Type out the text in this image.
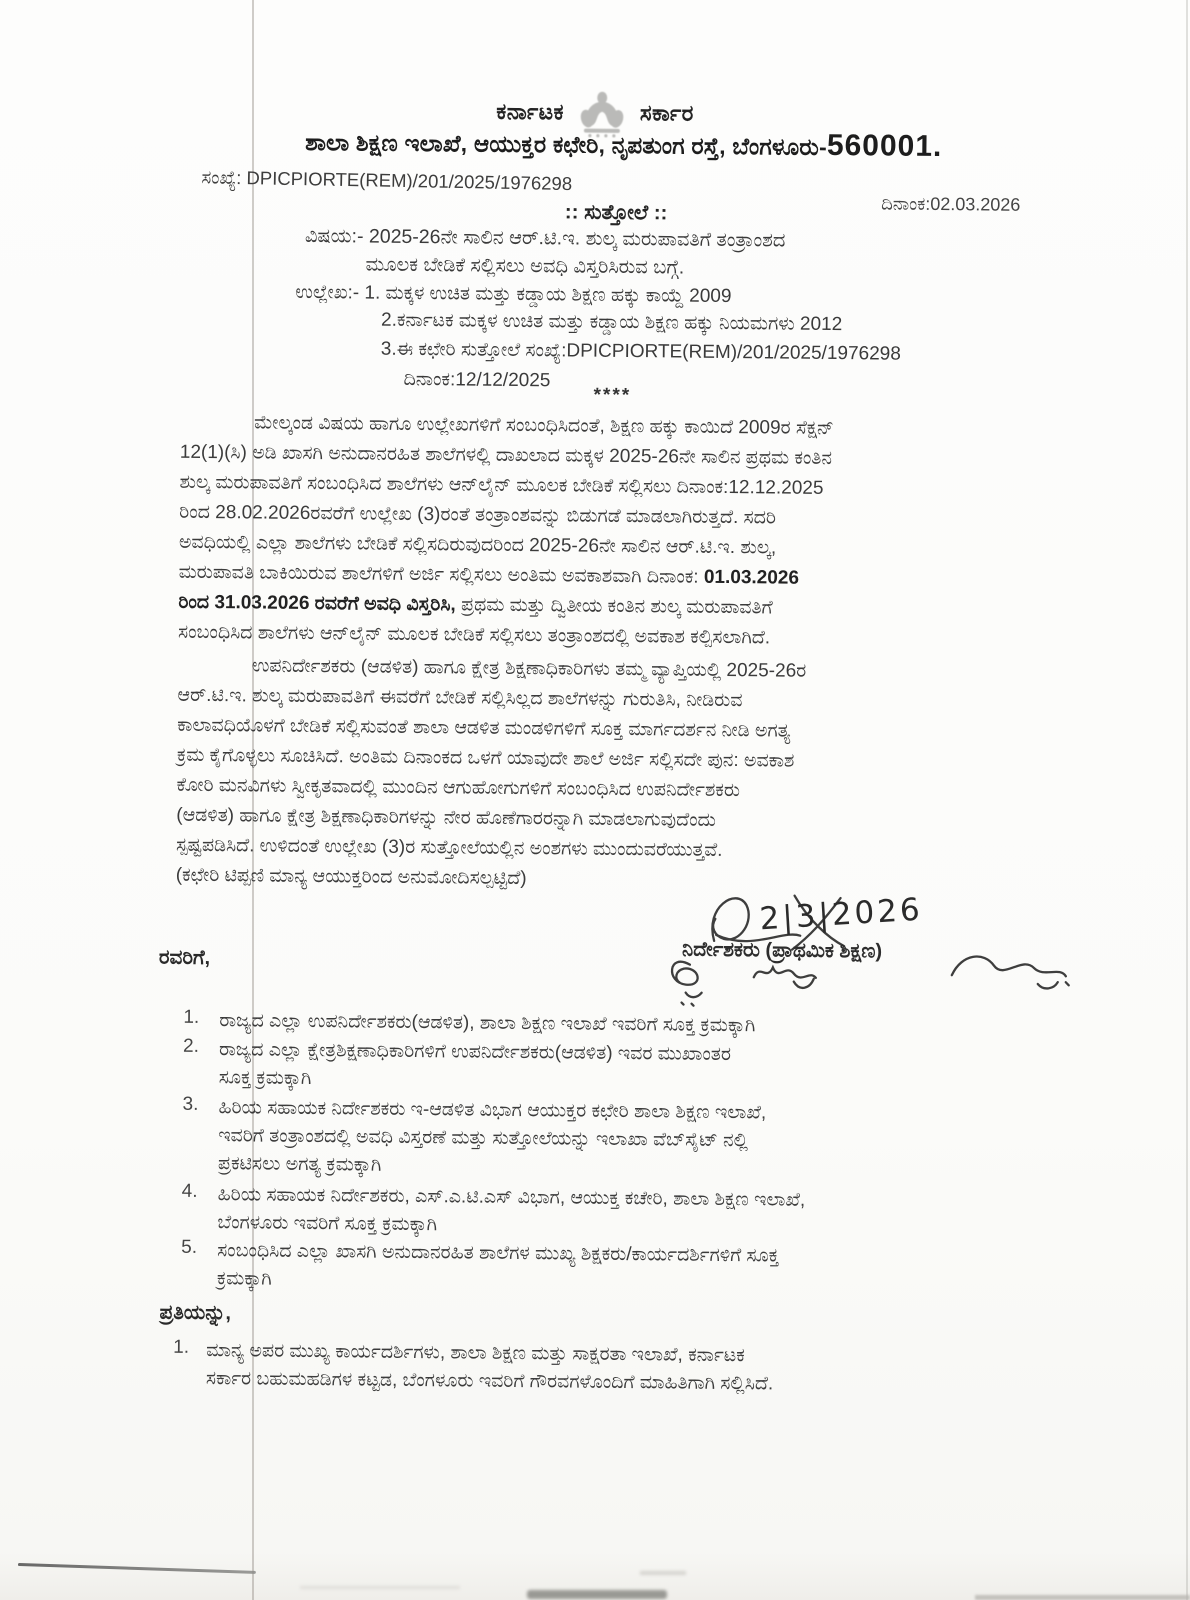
ಕರ್ನಾಟಕ	ಸರ್ಕಾರ
ಶಾಲಾ ಶಿಕ್ಷಣ ಇಲಾಖೆ, ಆಯುಕ್ತರ ಕಛೇರಿ, ನೃಪತುಂಗ ರಸ್ತೆ, ಬೆಂಗಳೂರು-560001.
ಸಂಖ್ಯೆ: DPICPIORTE(REM)/201/2025/1976298
ದಿನಾಂಕ:02.03.2026
:: ಸುತ್ತೋಲೆ ::
ವಿಷಯ:- 2025-26ನೇ ಸಾಲಿನ ಆರ್.ಟಿ.ಇ. ಶುಲ್ಕ ಮರುಪಾವತಿಗೆ ತಂತ್ರಾಂಶದ
ಮೂಲಕ ಬೇಡಿಕೆ ಸಲ್ಲಿಸಲು ಅವಧಿ ವಿಸ್ತರಿಸಿರುವ ಬಗ್ಗೆ.
ಉಲ್ಲೇಖ:- 1. ಮಕ್ಕಳ ಉಚಿತ ಮತ್ತು ಕಡ್ಡಾಯ ಶಿಕ್ಷಣ ಹಕ್ಕು ಕಾಯ್ದೆ 2009
2.ಕರ್ನಾಟಕ ಮಕ್ಕಳ ಉಚಿತ ಮತ್ತು ಕಡ್ಡಾಯ ಶಿಕ್ಷಣ ಹಕ್ಕು ನಿಯಮಗಳು 2012
3.ಈ ಕಛೇರಿ ಸುತ್ತೋಲೆ ಸಂಖ್ಯೆ:DPICPIORTE(REM)/201/2025/1976298
ದಿನಾಂಕ:12/12/2025
****
ಮೇಲ್ಕಂಡ ವಿಷಯ ಹಾಗೂ ಉಲ್ಲೇಖಗಳಿಗೆ ಸಂಬಂಧಿಸಿದಂತೆ, ಶಿಕ್ಷಣ ಹಕ್ಕು ಕಾಯಿದೆ 2009ರ ಸೆಕ್ಷನ್
12(1)(ಸಿ) ಅಡಿ ಖಾಸಗಿ ಅನುದಾನರಹಿತ ಶಾಲೆಗಳಲ್ಲಿ ದಾಖಲಾದ ಮಕ್ಕಳ 2025-26ನೇ ಸಾಲಿನ ಪ್ರಥಮ ಕಂತಿನ
ಶುಲ್ಕ ಮರುಪಾವತಿಗೆ ಸಂಬಂಧಿಸಿದ ಶಾಲೆಗಳು ಆನ್‌ಲೈನ್ ಮೂಲಕ ಬೇಡಿಕೆ ಸಲ್ಲಿಸಲು ದಿನಾಂಕ:12.12.2025
ರಿಂದ 28.02.2026ರವರೆಗೆ ಉಲ್ಲೇಖ (3)ರಂತೆ ತಂತ್ರಾಂಶವನ್ನು ಬಿಡುಗಡೆ ಮಾಡಲಾಗಿರುತ್ತದೆ. ಸದರಿ
ಅವಧಿಯಲ್ಲಿ ಎಲ್ಲಾ ಶಾಲೆಗಳು ಬೇಡಿಕೆ ಸಲ್ಲಿಸದಿರುವುದರಿಂದ 2025-26ನೇ ಸಾಲಿನ ಆರ್.ಟಿ.ಇ. ಶುಲ್ಕ,
ಮರುಪಾವತಿ ಬಾಕಿಯಿರುವ ಶಾಲೆಗಳಿಗೆ ಅರ್ಜಿ ಸಲ್ಲಿಸಲು ಅಂತಿಮ ಅವಕಾಶವಾಗಿ ದಿನಾಂಕ: 01.03.2026
ರಿಂದ 31.03.2026 ರವರೆಗೆ ಅವಧಿ ವಿಸ್ತರಿಸಿ, ಪ್ರಥಮ ಮತ್ತು ದ್ವಿತೀಯ ಕಂತಿನ ಶುಲ್ಕ ಮರುಪಾವತಿಗೆ
ಸಂಬಂಧಿಸಿದ ಶಾಲೆಗಳು ಆನ್‌ಲೈನ್ ಮೂಲಕ ಬೇಡಿಕೆ ಸಲ್ಲಿಸಲು ತಂತ್ರಾಂಶದಲ್ಲಿ ಅವಕಾಶ ಕಲ್ಪಿಸಲಾಗಿದೆ.
ಉಪನಿರ್ದೇಶಕರು (ಆಡಳಿತ) ಹಾಗೂ ಕ್ಷೇತ್ರ ಶಿಕ್ಷಣಾಧಿಕಾರಿಗಳು ತಮ್ಮ ವ್ಯಾಪ್ತಿಯಲ್ಲಿ 2025-26ರ
ಆರ್.ಟಿ.ಇ. ಶುಲ್ಕ ಮರುಪಾವತಿಗೆ ಈವರೆಗೆ ಬೇಡಿಕೆ ಸಲ್ಲಿಸಿಲ್ಲದ ಶಾಲೆಗಳನ್ನು ಗುರುತಿಸಿ, ನೀಡಿರುವ
ಕಾಲಾವಧಿಯೊಳಗೆ ಬೇಡಿಕೆ ಸಲ್ಲಿಸುವಂತೆ ಶಾಲಾ ಆಡಳಿತ ಮಂಡಳಿಗಳಿಗೆ ಸೂಕ್ತ ಮಾರ್ಗದರ್ಶನ ನೀಡಿ ಅಗತ್ಯ
ಕ್ರಮ ಕೈಗೊಳ್ಳಲು ಸೂಚಿಸಿದೆ. ಅಂತಿಮ ದಿನಾಂಕದ ಒಳಗೆ ಯಾವುದೇ ಶಾಲೆ ಅರ್ಜಿ ಸಲ್ಲಿಸದೇ ಪುನ: ಅವಕಾಶ
ಕೋರಿ ಮನವಿಗಳು ಸ್ವೀಕೃತವಾದಲ್ಲಿ ಮುಂದಿನ ಆಗುಹೋಗುಗಳಿಗೆ ಸಂಬಂಧಿಸಿದ ಉಪನಿರ್ದೇಶಕರು
(ಆಡಳಿತ) ಹಾಗೂ ಕ್ಷೇತ್ರ ಶಿಕ್ಷಣಾಧಿಕಾರಿಗಳನ್ನು ನೇರ ಹೊಣೆಗಾರರನ್ನಾಗಿ ಮಾಡಲಾಗುವುದೆಂದು
ಸ್ಪಷ್ಟಪಡಿಸಿದೆ. ಉಳಿದಂತೆ ಉಲ್ಲೇಖ (3)ರ ಸುತ್ತೋಲೆಯಲ್ಲಿನ ಅಂಶಗಳು ಮುಂದುವರೆಯುತ್ತವೆ.
(ಕಛೇರಿ ಟಿಪ್ಪಣಿ ಮಾನ್ಯ ಆಯುಕ್ತರಿಂದ ಅನುಮೋದಿಸಲ್ಪಟ್ಟಿದೆ)
2|3|2026
ನಿರ್ದೇಶಕರು (ಪ್ರಾಥಮಿಕ ಶಿಕ್ಷಣ)
ರವರಿಗೆ,
1.	ರಾಜ್ಯದ ಎಲ್ಲಾ ಉಪನಿರ್ದೇಶಕರು(ಆಡಳಿತ), ಶಾಲಾ ಶಿಕ್ಷಣ ಇಲಾಖೆ ಇವರಿಗೆ ಸೂಕ್ತ ಕ್ರಮಕ್ಕಾಗಿ
2.	ರಾಜ್ಯದ ಎಲ್ಲಾ ಕ್ಷೇತ್ರಶಿಕ್ಷಣಾಧಿಕಾರಿಗಳಿಗೆ ಉಪನಿರ್ದೇಶಕರು(ಆಡಳಿತ) ಇವರ ಮುಖಾಂತರ
ಸೂಕ್ತ ಕ್ರಮಕ್ಕಾಗಿ
3.	ಹಿರಿಯ ಸಹಾಯಕ ನಿರ್ದೇಶಕರು ಇ-ಆಡಳಿತ ವಿಭಾಗ ಆಯುಕ್ತರ ಕಛೇರಿ ಶಾಲಾ ಶಿಕ್ಷಣ ಇಲಾಖೆ,
ಇವರಿಗೆ ತಂತ್ರಾಂಶದಲ್ಲಿ ಅವಧಿ ವಿಸ್ತರಣೆ ಮತ್ತು ಸುತ್ತೋಲೆಯನ್ನು ಇಲಾಖಾ ವೆಬ್‌ಸೈಟ್ ನಲ್ಲಿ
ಪ್ರಕಟಿಸಲು ಅಗತ್ಯ ಕ್ರಮಕ್ಕಾಗಿ
4.	ಹಿರಿಯ ಸಹಾಯಕ ನಿರ್ದೇಶಕರು, ಎಸ್.ಎ.ಟಿ.ಎಸ್ ವಿಭಾಗ, ಆಯುಕ್ತ ಕಚೇರಿ, ಶಾಲಾ ಶಿಕ್ಷಣ ಇಲಾಖೆ,
ಬೆಂಗಳೂರು ಇವರಿಗೆ ಸೂಕ್ತ ಕ್ರಮಕ್ಕಾಗಿ
5.	ಸಂಬಂಧಿಸಿದ ಎಲ್ಲಾ ಖಾಸಗಿ ಅನುದಾನರಹಿತ ಶಾಲೆಗಳ ಮುಖ್ಯ ಶಿಕ್ಷಕರು/ಕಾರ್ಯದರ್ಶಿಗಳಿಗೆ ಸೂಕ್ತ
ಕ್ರಮಕ್ಕಾಗಿ
ಪ್ರತಿಯನ್ನು,
1. ಮಾನ್ಯ ಅಪರ ಮುಖ್ಯ ಕಾರ್ಯದರ್ಶಿಗಳು, ಶಾಲಾ ಶಿಕ್ಷಣ ಮತ್ತು ಸಾಕ್ಷರತಾ ಇಲಾಖೆ, ಕರ್ನಾಟಕ
ಸರ್ಕಾರ ಬಹುಮಹಡಿಗಳ ಕಟ್ಟಡ, ಬೆಂಗಳೂರು ಇವರಿಗೆ ಗೌರವಗಳೊಂದಿಗೆ ಮಾಹಿತಿಗಾಗಿ ಸಲ್ಲಿಸಿದೆ.
